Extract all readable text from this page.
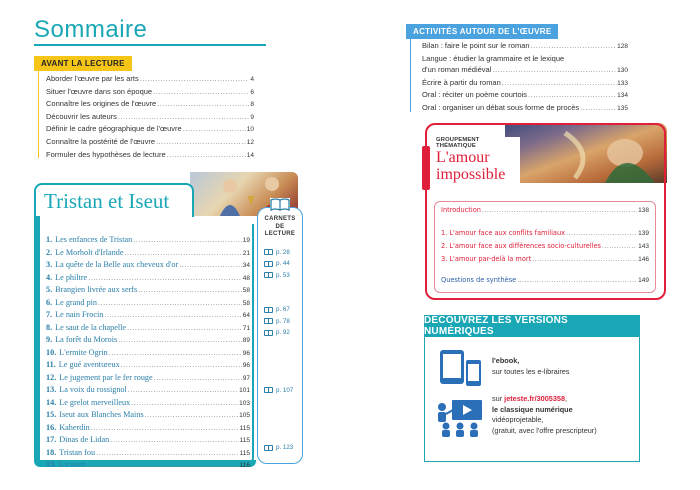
Sommaire
AVANT LA LECTURE
Aborder l'œuvre par les arts .....	4
Situer l'œuvre dans son époque .....	6
Connaître les origines de l'œuvre .....	8
Découvrir les auteurs .....	9
Définir le cadre géographique de l'œuvre .....	10
Connaître la postérité de l'œuvre .....	12
Formuler des hypothèses de lecture .....	14
Tristan et Iseut
1. Les enfances de Tristan .....	19
2. Le Morholt d'Irlande .....	21
3. La quête de la Belle aux cheveux d'or .....	34
4. Le philtre .....	48
5. Brangien livrée aux serfs .....	58
6. Le grand pin .....	58
7. Le nain Frocin .....	64
8. Le saut de la chapelle .....	71
9. La forêt du Morois .....	89
10. L'ermite Ogrin .....	96
11. Le gué aventureux .....	96
12. Le jugement par le fer rouge .....	97
13. La voix du rossignol .....	101
14. Le grelot merveilleux .....	103
15. Iseut aux Blanches Mains .....	105
16. Kaherdin .....	115
17. Dinas de Lidan .....	115
18. Tristan fou .....	115
19. La mort .....	116
CARNETS
DE
LECTURE
p. 28
p. 44
p. 53
p. 67
p. 78
p. 92
p. 107
p. 123
ACTIVITÉS AUTOUR DE L'ŒUVRE
Bilan : faire le point sur le roman .....	128
Langue : étudier la grammaire et le lexique
d'un roman médiéval .....	130
Écrire à partir du roman .....	133
Oral : réciter un poème courtois .....	134
Oral : organiser un débat sous forme de procès .....	135
GROUPEMENT THÉMATIQUE
L'amour
impossible
Introduction .....	138
1. L'amour face aux conflits familiaux .....	139
2. L'amour face aux différences socio-culturelles .....	143
3. L'amour par-delà la mort .....	146
Questions de synthèse .....	149
DÉCOUVREZ LES VERSIONS NUMÉRIQUES
l'ebook,
sur toutes les e-libraires
sur jeteste.fr/3005358,
le classique numérique
vidéoprojetable,
(gratuit, avec l'offre prescripteur)
